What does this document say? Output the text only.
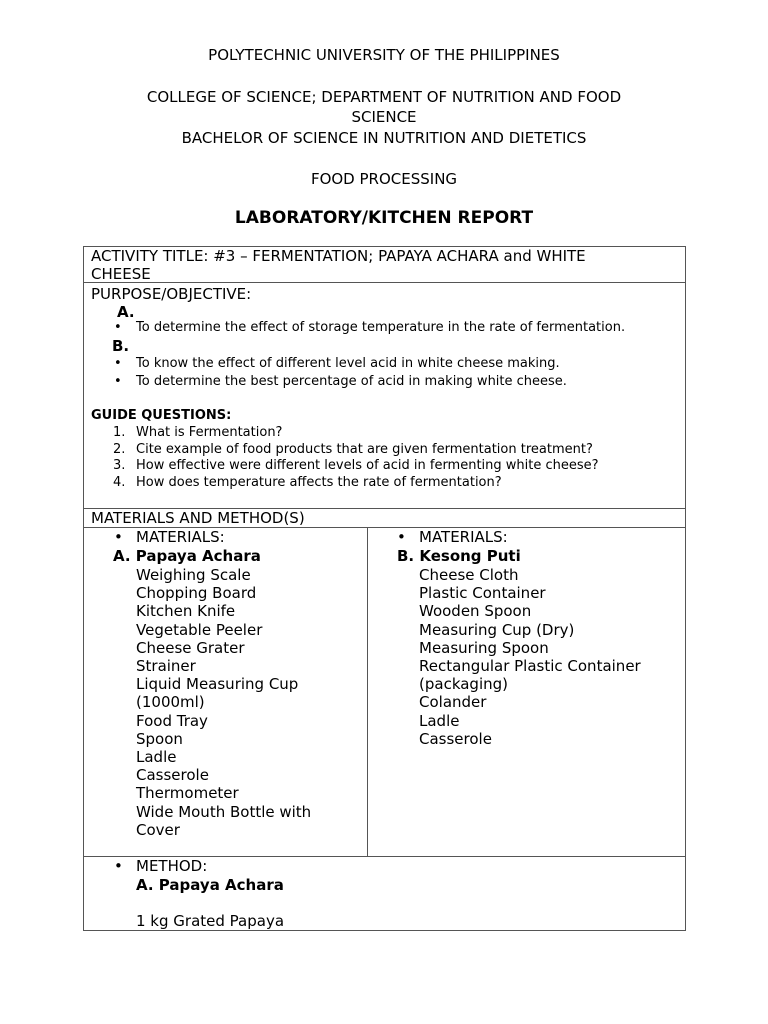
POLYTECHNIC UNIVERSITY OF THE PHILIPPINES
COLLEGE OF SCIENCE; DEPARTMENT OF NUTRITION AND FOOD
SCIENCE
BACHELOR OF SCIENCE IN NUTRITION AND DIETETICS
FOOD PROCESSING
LABORATORY/KITCHEN REPORT
ACTIVITY TITLE: #3 – FERMENTATION; PAPAYA ACHARA and WHITE
CHEESE
PURPOSE/OBJECTIVE:
A.
• To determine the effect of storage temperature in the rate of fermentation.
B.
• To know the effect of different level acid in white cheese making.
• To determine the best percentage of acid in making white cheese.
GUIDE QUESTIONS:
1. What is Fermentation?
2. Cite example of food products that are given fermentation treatment?
3. How effective were different levels of acid in fermenting white cheese?
4. How does temperature affects the rate of fermentation?
MATERIALS AND METHOD(S)
• MATERIALS:
A. Papaya Achara
Weighing Scale
Chopping Board
Kitchen Knife
Vegetable Peeler
Cheese Grater
Strainer
Liquid Measuring Cup
(1000ml)
Food Tray
Spoon
Ladle
Casserole
Thermometer
Wide Mouth Bottle with
Cover
• MATERIALS:
B. Kesong Puti
Cheese Cloth
Plastic Container
Wooden Spoon
Measuring Cup (Dry)
Measuring Spoon
Rectangular Plastic Container
(packaging)
Colander
Ladle
Casserole
• METHOD:
A. Papaya Achara
1 kg Grated Papaya
